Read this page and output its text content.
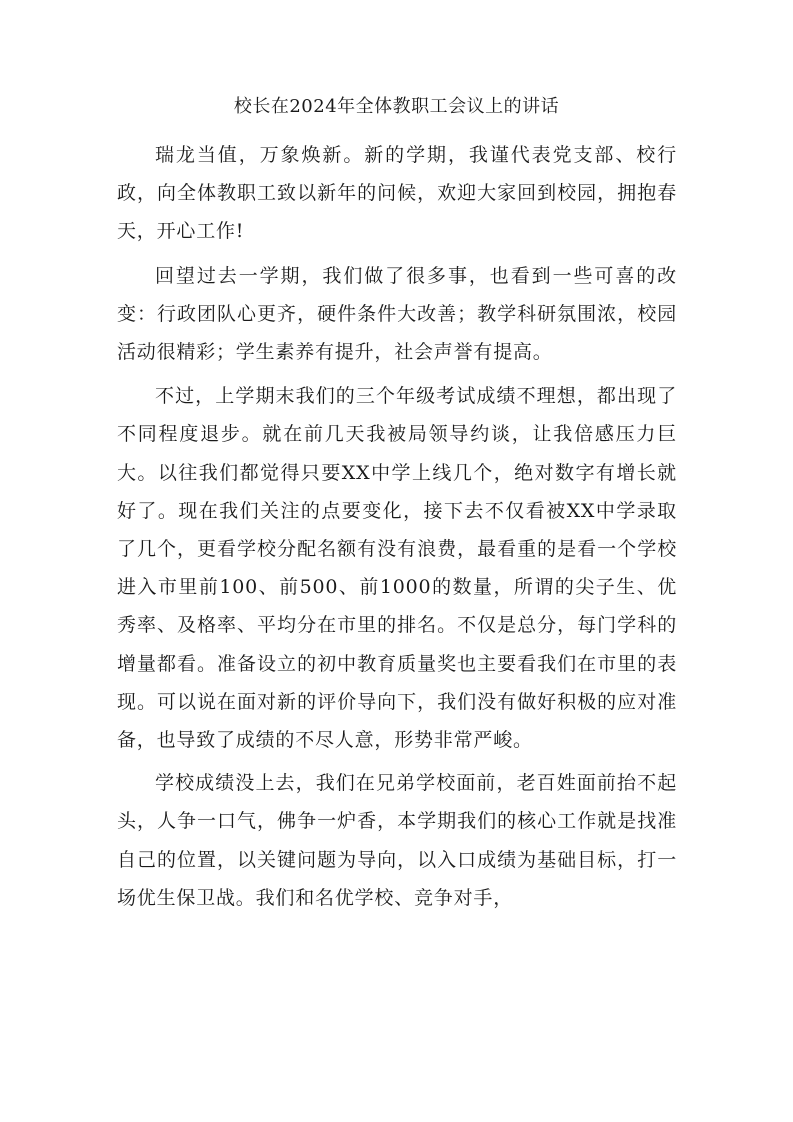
校长在2024年全体教职工会议上的讲话

瑞龙当值，万象焕新。新的学期，我谨代表党支部、校行政，向全体教职工致以新年的问候，欢迎大家回到校园，拥抱春天，开心工作!

回望过去一学期，我们做了很多事，也看到一些可喜的改变：行政团队心更齐，硬件条件大改善；教学科研氛围浓，校园活动很精彩；学生素养有提升，社会声誉有提高。

不过，上学期末我们的三个年级考试成绩不理想，都出现了不同程度退步。就在前几天我被局领导约谈，让我倍感压力巨大。以往我们都觉得只要XX中学上线几个，绝对数字有增长就好了。现在我们关注的点要变化，接下去不仅看被XX中学录取了几个，更看学校分配名额有没有浪费，最看重的是看一个学校进入市里前100、前500、前1000的数量，所谓的尖子生、优秀率、及格率、平均分在市里的排名。不仅是总分，每门学科的增量都看。准备设立的初中教育质量奖也主要看我们在市里的表现。可以说在面对新的评价导向下，我们没有做好积极的应对准备，也导致了成绩的不尽人意，形势非常严峻。

学校成绩没上去，我们在兄弟学校面前，老百姓面前抬不起头，人争一口气，佛争一炉香，本学期我们的核心工作就是找准自己的位置，以关键问题为导向，以入口成绩为基础目标，打一场优生保卫战。我们和名优学校、竞争对手，
